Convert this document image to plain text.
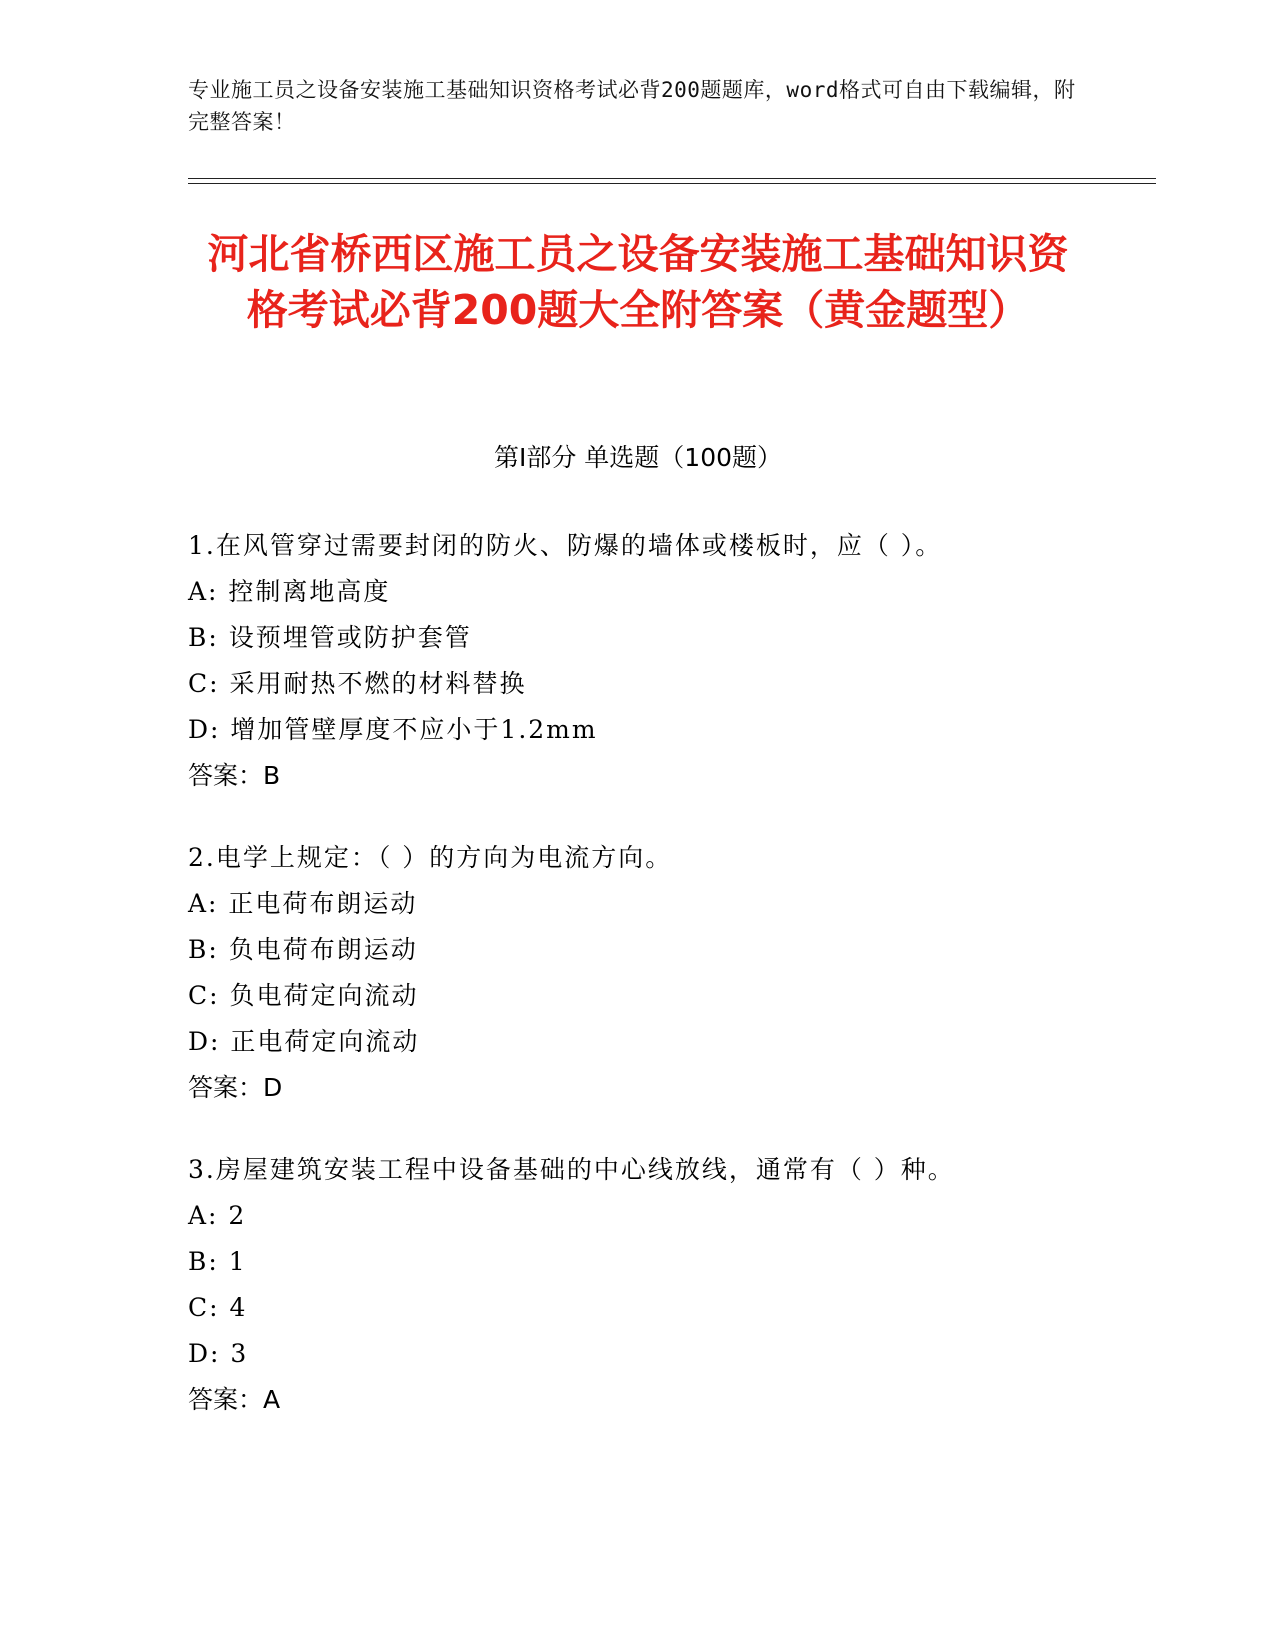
专业施工员之设备安装施工基础知识资格考试必背200题题库，word格式可自由下载编辑，附完整答案！
河北省桥西区施工员之设备安装施工基础知识资格考试必背200题大全附答案（黄金题型）
第Ⅰ部分 单选题（100题）
1.在风管穿过需要封闭的防火、防爆的墙体或楼板时，应（ ）。
A: 控制离地高度
B: 设预埋管或防护套管
C: 采用耐热不燃的材料替换
D: 增加管壁厚度不应小于1.2mm
答案：B
2.电学上规定：（ ）的方向为电流方向。
A: 正电荷布朗运动
B: 负电荷布朗运动
C: 负电荷定向流动
D: 正电荷定向流动
答案：D
3.房屋建筑安装工程中设备基础的中心线放线，通常有（ ）种。
A: 2
B: 1
C: 4
D: 3
答案：A
